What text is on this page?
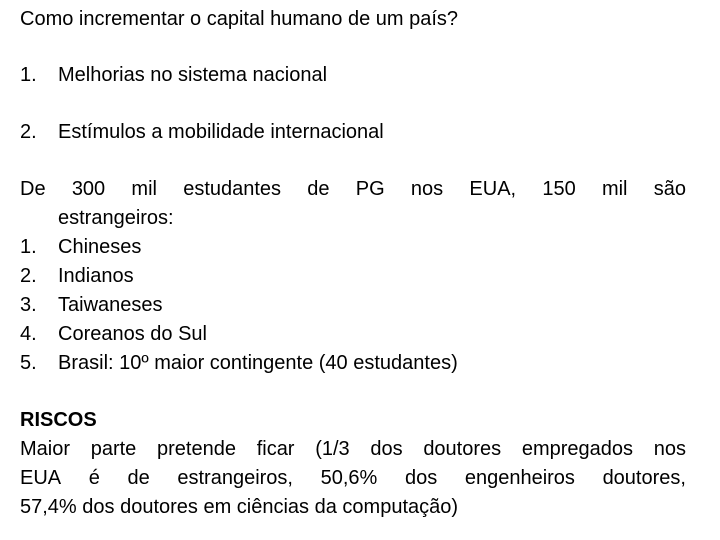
Como incrementar o capital humano de um país?
1. Melhorias no sistema nacional
2. Estímulos a mobilidade internacional
De 300 mil estudantes de PG nos EUA, 150 mil são
estrangeiros:
1. Chineses
2. Indianos
3. Taiwaneses
4. Coreanos do Sul
5. Brasil: 10º maior contingente (40 estudantes)
RISCOS
Maior parte pretende ficar (1/3 dos doutores empregados nos
EUA é de estrangeiros, 50,6% dos engenheiros doutores,
57,4% dos doutores em ciências da computação)
